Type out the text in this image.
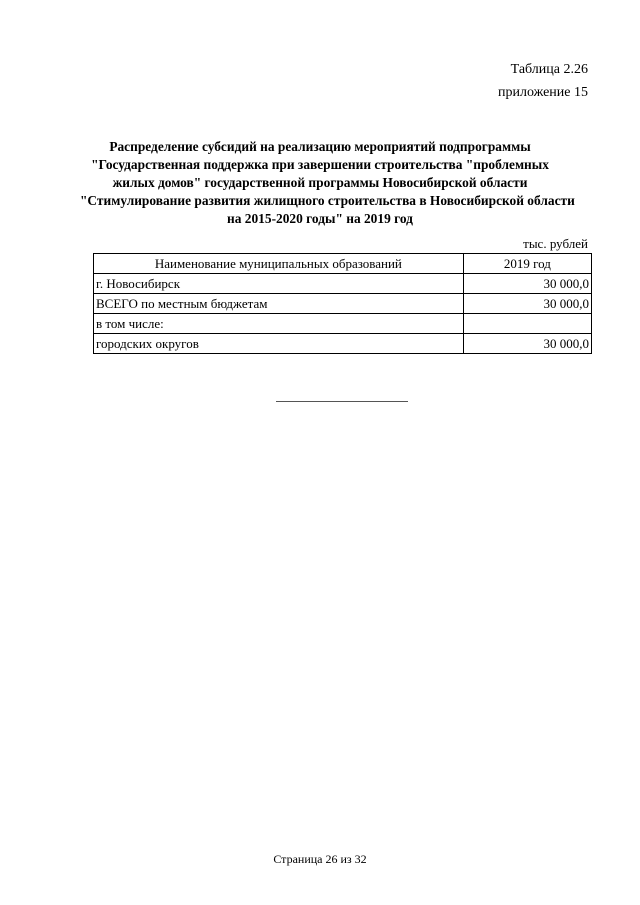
Таблица 2.26
приложение 15
Распределение субсидий на реализацию мероприятий подпрограммы
"Государственная поддержка при завершении строительства "проблемных
жилых домов" государственной программы Новосибирской области
"Стимулирование развития жилищного строительства в Новосибирской области
на 2015-2020 годы" на 2019 год
тыс. рублей
Наименование муниципальных образований	2019 год
г. Новосибирск	30 000,0
ВСЕГО по местным бюджетам	30 000,0
в том числе:	
городских округов	30 000,0
Страница 26 из 32
